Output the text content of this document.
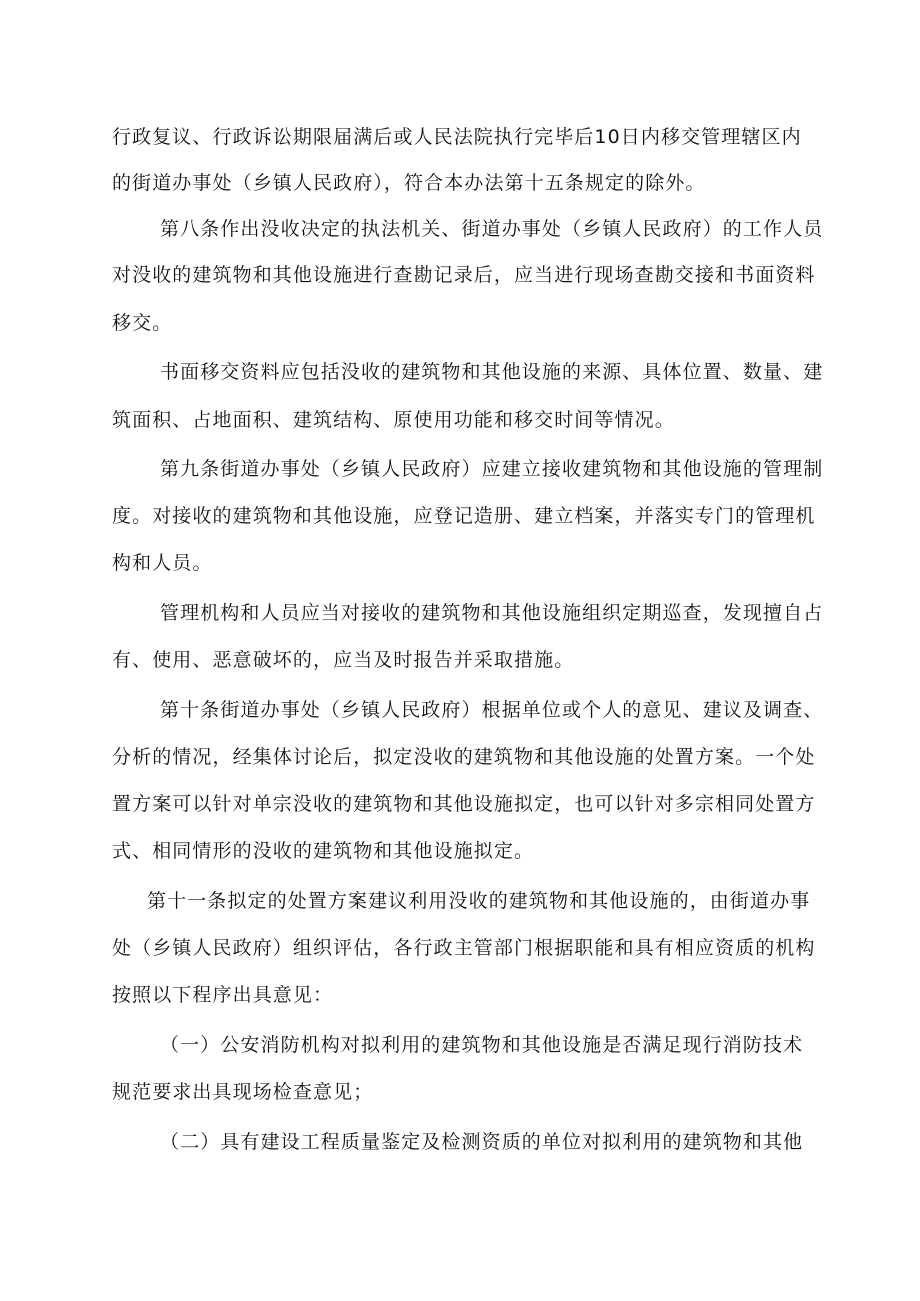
行政复议、行政诉讼期限届满后或人民法院执行完毕后10日内移交管理辖区内
的街道办事处（乡镇人民政府），符合本办法第十五条规定的除外。
第八条作出没收决定的执法机关、街道办事处（乡镇人民政府）的工作人员
对没收的建筑物和其他设施进行查勘记录后，应当进行现场查勘交接和书面资料
移交。
书面移交资料应包括没收的建筑物和其他设施的来源、具体位置、数量、建
筑面积、占地面积、建筑结构、原使用功能和移交时间等情况。
第九条街道办事处（乡镇人民政府）应建立接收建筑物和其他设施的管理制
度。对接收的建筑物和其他设施，应登记造册、建立档案，并落实专门的管理机
构和人员。
管理机构和人员应当对接收的建筑物和其他设施组织定期巡查，发现擅自占
有、使用、恶意破坏的，应当及时报告并采取措施。
第十条街道办事处（乡镇人民政府）根据单位或个人的意见、建议及调查、
分析的情况，经集体讨论后，拟定没收的建筑物和其他设施的处置方案。一个处
置方案可以针对单宗没收的建筑物和其他设施拟定，也可以针对多宗相同处置方
式、相同情形的没收的建筑物和其他设施拟定。
第十一条拟定的处置方案建议利用没收的建筑物和其他设施的，由街道办事
处（乡镇人民政府）组织评估，各行政主管部门根据职能和具有相应资质的机构
按照以下程序出具意见：
（一）公安消防机构对拟利用的建筑物和其他设施是否满足现行消防技术
规范要求出具现场检查意见；
（二）具有建设工程质量鉴定及检测资质的单位对拟利用的建筑物和其他
